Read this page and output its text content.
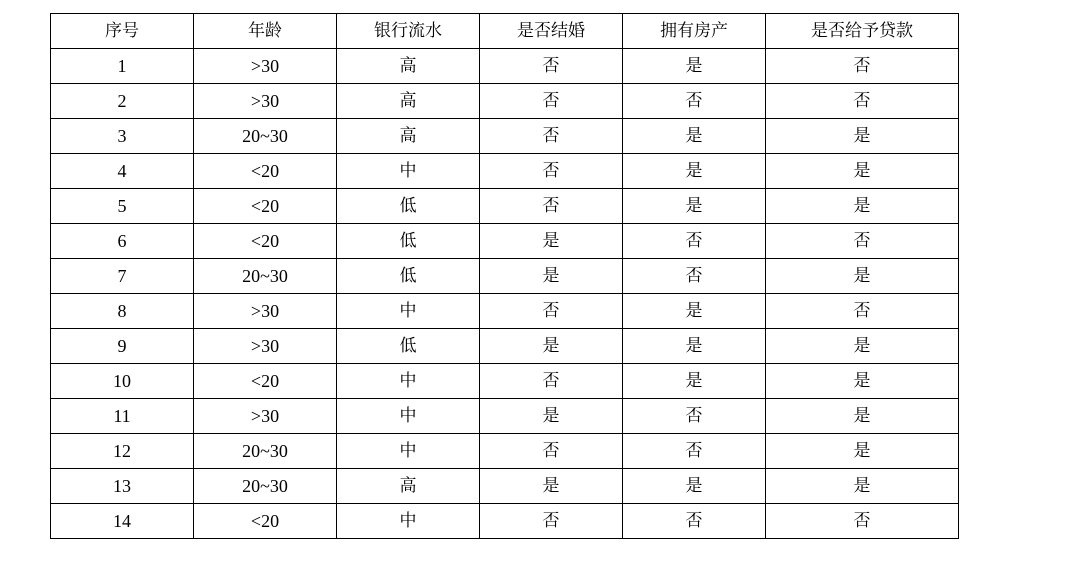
序号	年龄	银行流水	是否结婚	拥有房产	是否给予贷款
1	>30	高	否	是	否
2	>30	高	否	否	否
3	20~30	高	否	是	是
4	<20	中	否	是	是
5	<20	低	否	是	是
6	<20	低	是	否	否
7	20~30	低	是	否	是
8	>30	中	否	是	否
9	>30	低	是	是	是
10	<20	中	否	是	是
11	>30	中	是	否	是
12	20~30	中	否	否	是
13	20~30	高	是	是	是
14	<20	中	否	否	否
